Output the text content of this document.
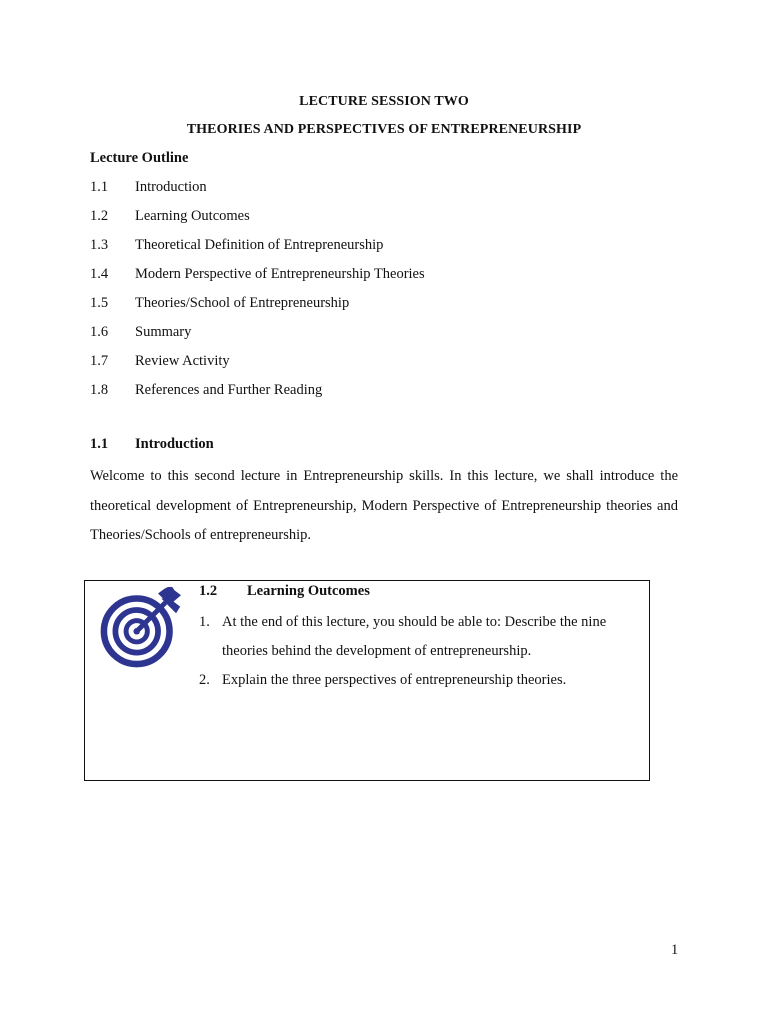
LECTURE SESSION TWO
THEORIES AND PERSPECTIVES OF ENTREPRENEURSHIP
Lecture Outline
1.1	Introduction
1.2	Learning Outcomes
1.3	Theoretical Definition of Entrepreneurship
1.4	Modern Perspective of Entrepreneurship Theories
1.5	Theories/School of Entrepreneurship
1.6	Summary
1.7	Review Activity
1.8	References and Further Reading
1.1	Introduction

Welcome to this second lecture in Entrepreneurship skills. In this lecture, we shall introduce the theoretical development of Entrepreneurship, Modern Perspective of Entrepreneurship theories and Theories/Schools of entrepreneurship.

1.2	Learning Outcomes
1. At the end of this lecture, you should be able to: Describe the nine theories behind the development of entrepreneurship.
2. Explain the three perspectives of entrepreneurship theories.
1
